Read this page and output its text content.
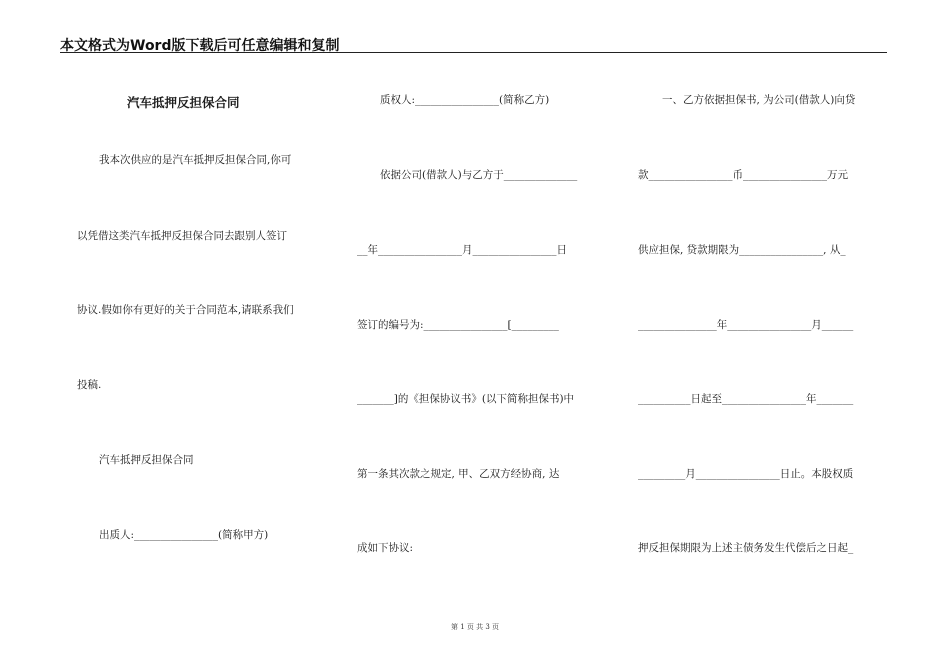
本文格式为Word版下载后可任意编辑和复制
汽车抵押反担保合同
我本次供应的是汽车抵押反担保合同,你可
以凭借这类汽车抵押反担保合同去跟别人签订
协议.假如你有更好的关于合同范本,请联系我们
投稿.
汽车抵押反担保合同
出质人:________________(简称甲方)
质权人:________________(简称乙方)
依据公司(借款人)与乙方于______________
__年________________月________________日
签订的编号为:________________[_________
_______]的《担保协议书》(以下简称担保书)中
第一条其次款之规定, 甲、乙双方经协商, 达
成如下协议:
一、乙方依据担保书, 为公司(借款人)向贷
款________________币________________万元
供应担保, 贷款期限为________________, 从_
_______________年________________月______
__________日起至________________年_______
_________月________________日止。本股权质
押反担保期限为上述主债务发生代偿后之日起_
第 1 页 共 3 页
